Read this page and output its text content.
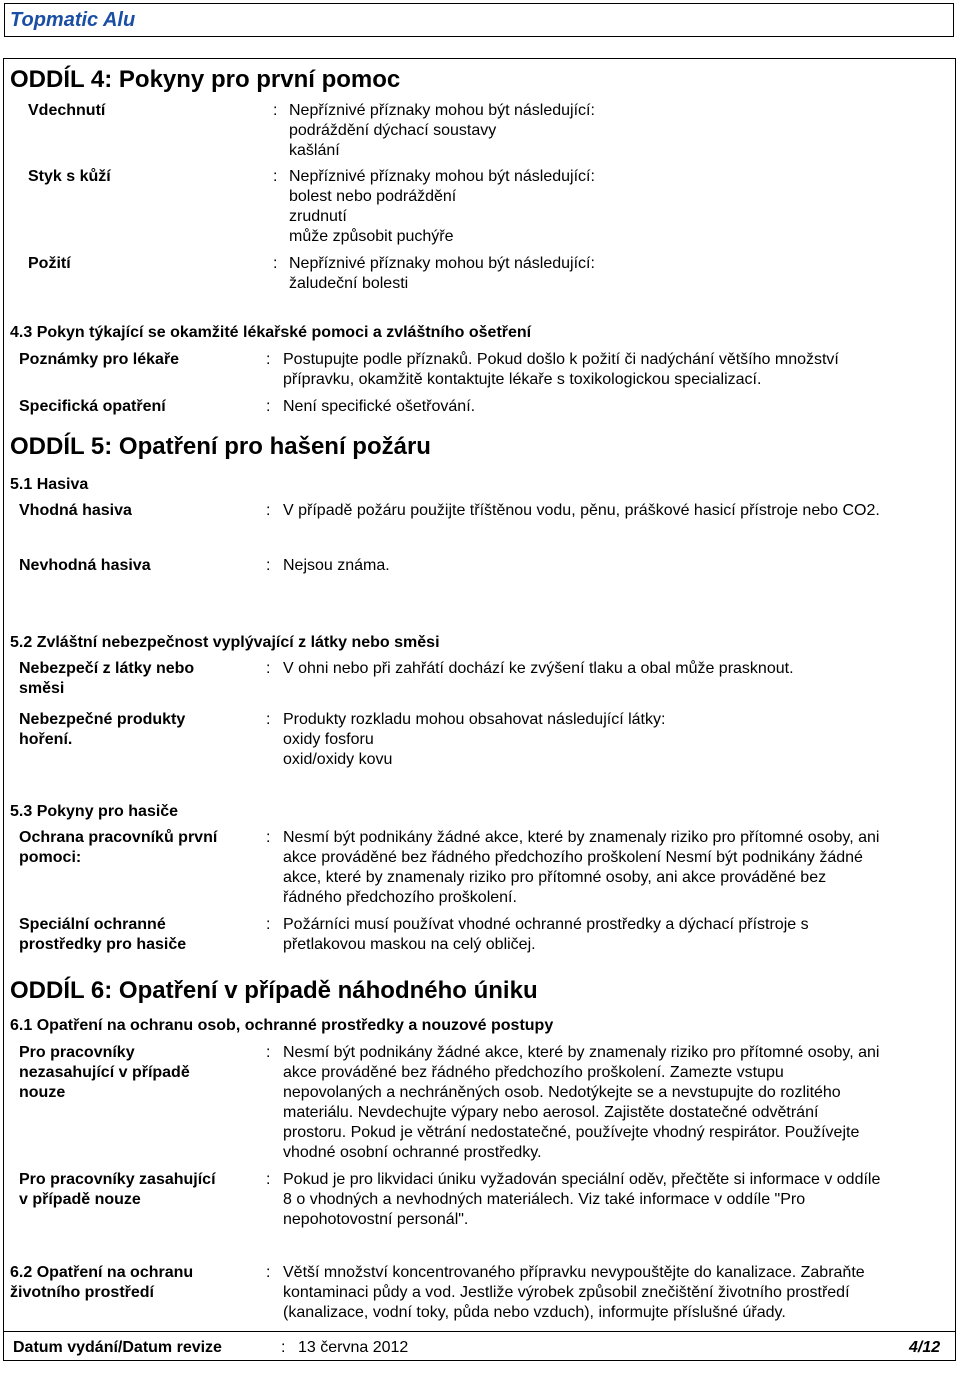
Topmatic Alu
ODDÍL 4: Pokyny pro první pomoc
Vdechnutí	: Nepříznivé příznaky mohou být následující:
podráždění dýchací soustavy
kašlání
Styk s kůží	: Nepříznivé příznaky mohou být následující:
bolest nebo podráždění
zrudnutí
může způsobit puchýře
Požití	: Nepříznivé příznaky mohou být následující:
žaludeční bolesti
4.3 Pokyn týkající se okamžité lékařské pomoci a zvláštního ošetření
Poznámky pro lékaře	: Postupujte podle příznaků. Pokud došlo k požití či nadýchání většího množství
přípravku, okamžitě kontaktujte lékaře s toxikologickou specializací.
Specifická opatření	: Není specifické ošetřování.
ODDÍL 5: Opatření pro hašení požáru
5.1 Hasiva
Vhodná hasiva	: V případě požáru použijte tříštěnou vodu, pěnu, práškové hasicí přístroje nebo CO2.
Nevhodná hasiva	: Nejsou známa.
5.2 Zvláštní nebezpečnost vyplývající z látky nebo směsi
Nebezpečí z látky nebo
směsi
: V ohni nebo při zahřátí dochází ke zvýšení tlaku a obal může prasknout.
Nebezpečné produkty
hoření.
: Produkty rozkladu mohou obsahovat následující látky:
oxidy fosforu
oxid/oxidy kovu
5.3 Pokyny pro hasiče
Ochrana pracovníků první
pomoci:
: Nesmí být podnikány žádné akce, které by znamenaly riziko pro přítomné osoby, ani
akce prováděné bez řádného předchozího proškolení Nesmí být podnikány žádné
akce, které by znamenaly riziko pro přítomné osoby, ani akce prováděné bez
řádného předchozího proškolení.
Speciální ochranné
prostředky pro hasiče
: Požárníci musí používat vhodné ochranné prostředky a dýchací přístroje s
přetlakovou maskou na celý obličej.
ODDÍL 6: Opatření v případě náhodného úniku
6.1 Opatření na ochranu osob, ochranné prostředky a nouzové postupy
Pro pracovníky
nezasahující v případě
nouze
: Nesmí být podnikány žádné akce, které by znamenaly riziko pro přítomné osoby, ani
akce prováděné bez řádného předchozího proškolení. Zamezte vstupu
nepovolaných a nechráněných osob. Nedotýkejte se a nevstupujte do rozlitého
materiálu. Nevdechujte výpary nebo aerosol. Zajistěte dostatečné odvětrání
prostoru. Pokud je větrání nedostatečné, používejte vhodný respirátor. Používejte
vhodné osobní ochranné prostředky.
Pro pracovníky zasahující
v případě nouze
: Pokud je pro likvidaci úniku vyžadován speciální oděv, přečtěte si informace v oddíle
8 o vhodných a nevhodných materiálech. Viz také informace v oddíle "Pro
nepohotovostní personál".
6.2 Opatření na ochranu
životního prostředí
: Větší množství koncentrovaného přípravku nevypouštějte do kanalizace. Zabraňte
kontaminaci půdy a vod. Jestliže výrobek způsobil znečištění životního prostředí
(kanalizace, vodní toky, půda nebo vzduch), informujte příslušné úřady.
Datum vydání/Datum revize	: 13 června 2012	4/12
